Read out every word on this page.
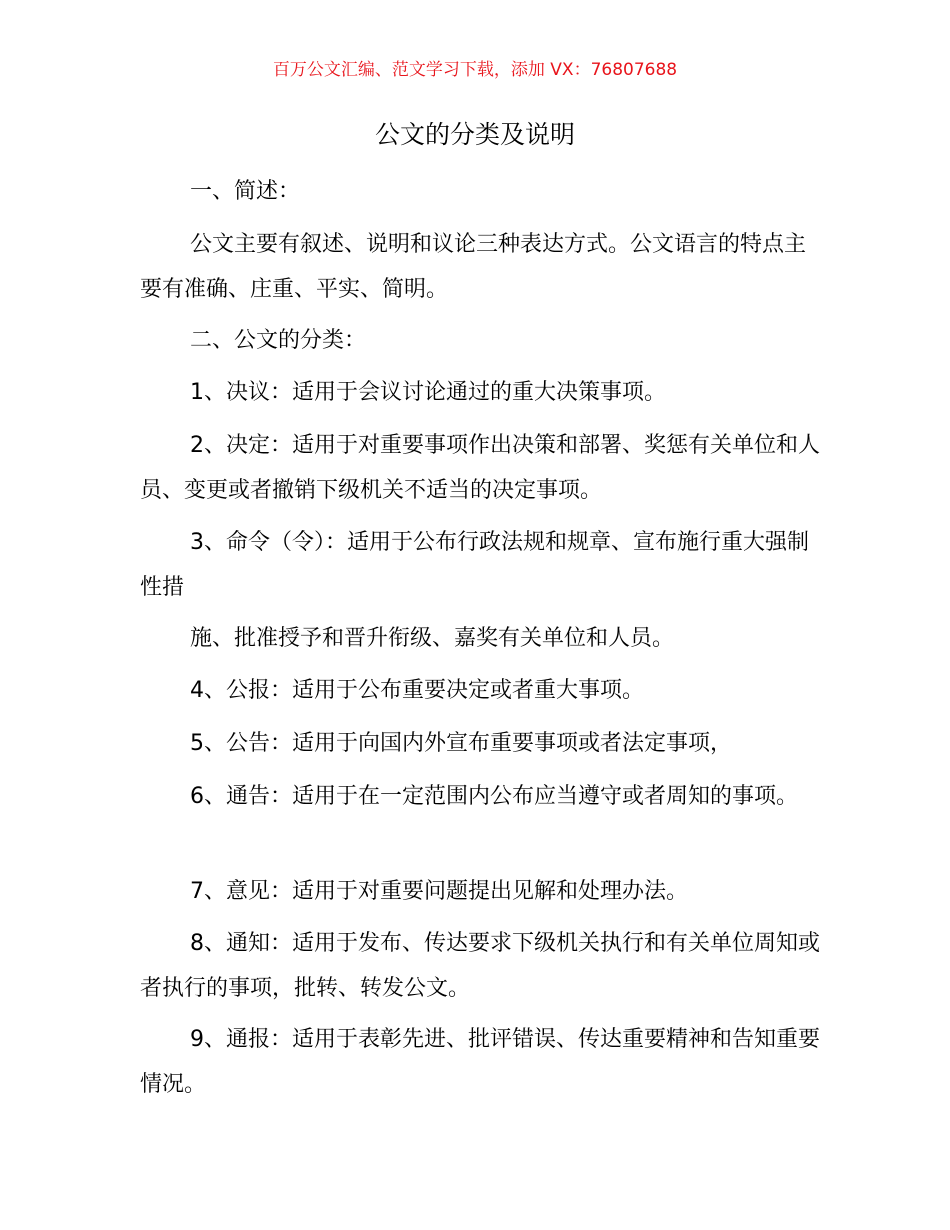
百万公文汇编、范文学习下载，添加 VX：76807688
公文的分类及说明

一、简述：

公文主要有叙述、说明和议论三种表达方式。公文语言的特点主要有准确、庄重、平实、简明。

二、公文的分类：

1、决议：适用于会议讨论通过的重大决策事项。

2、决定：适用于对重要事项作出决策和部署、奖惩有关单位和人员、变更或者撤销下级机关不适当的决定事项。

3、命令（令）：适用于公布行政法规和规章、宣布施行重大强制性措

施、批准授予和晋升衔级、嘉奖有关单位和人员。

4、公报：适用于公布重要决定或者重大事项。

5、公告：适用于向国内外宣布重要事项或者法定事项，

6、通告：适用于在一定范围内公布应当遵守或者周知的事项。

7、意见：适用于对重要问题提出见解和处理办法。

8、通知：适用于发布、传达要求下级机关执行和有关单位周知或者执行的事项，批转、转发公文。

9、通报：适用于表彰先进、批评错误、传达重要精神和告知重要情况。
